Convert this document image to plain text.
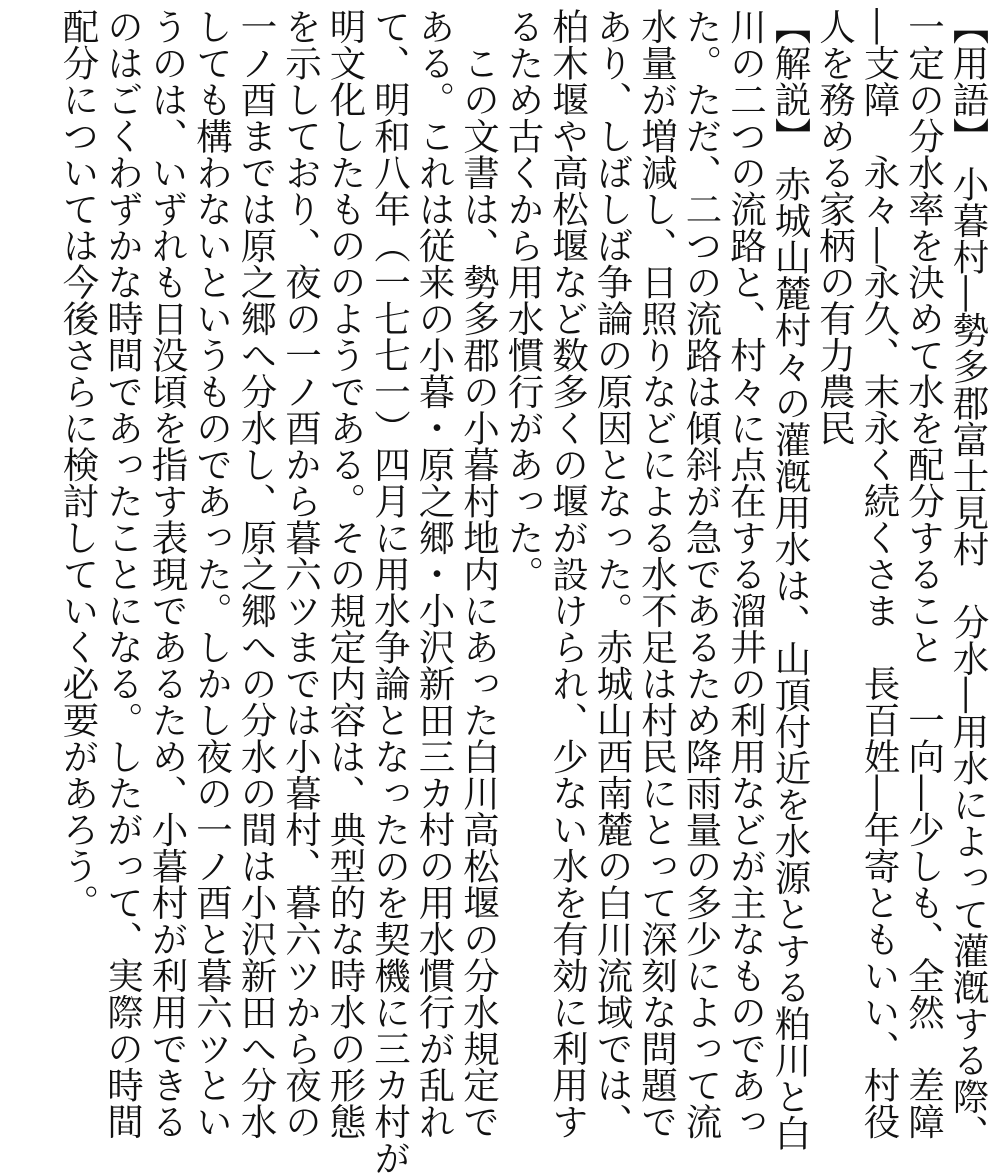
【用語】 小暮村―勢多郡富士見村　分水―用水によって灌漑する際、
一定の分水率を決めて水を配分すること　一向―少しも、全然　差障
―支障　永々―永久、末永く続くさま　長百姓―年寄ともいい、村役
人を務める家柄の有力農民
【解説】 赤城山麓村々の灌漑用水は、山頂付近を水源とする粕川と白
川の二つの流路と、村々に点在する溜井の利用などが主なものであっ
た。ただ、二つの流路は傾斜が急であるため降雨量の多少によって流
水量が増減し、日照りなどによる水不足は村民にとって深刻な問題で
あり、しばしば争論の原因となった。赤城山西南麓の白川流域では、
柏木堰や高松堰など数多くの堰が設けられ、少ない水を有効に利用す
るため古くから用水慣行があった。
　この文書は、勢多郡の小暮村地内にあった白川高松堰の分水規定で
ある。これは従来の小暮・原之郷・小沢新田三カ村の用水慣行が乱れ
て、明和八年（一七七一）四月に用水争論となったのを契機に三カ村が
明文化したもののようである。その規定内容は、典型的な時水の形態
を示しており、夜の一ノ酉から暮六ツまでは小暮村、暮六ツから夜の
一ノ酉までは原之郷へ分水し、原之郷への分水の間は小沢新田へ分水
しても構わないというものであった。しかし夜の一ノ酉と暮六ツとい
うのは、いずれも日没頃を指す表現であるため、小暮村が利用できる
のはごくわずかな時間であったことになる。したがって、実際の時間
配分については今後さらに検討していく必要があろう。
